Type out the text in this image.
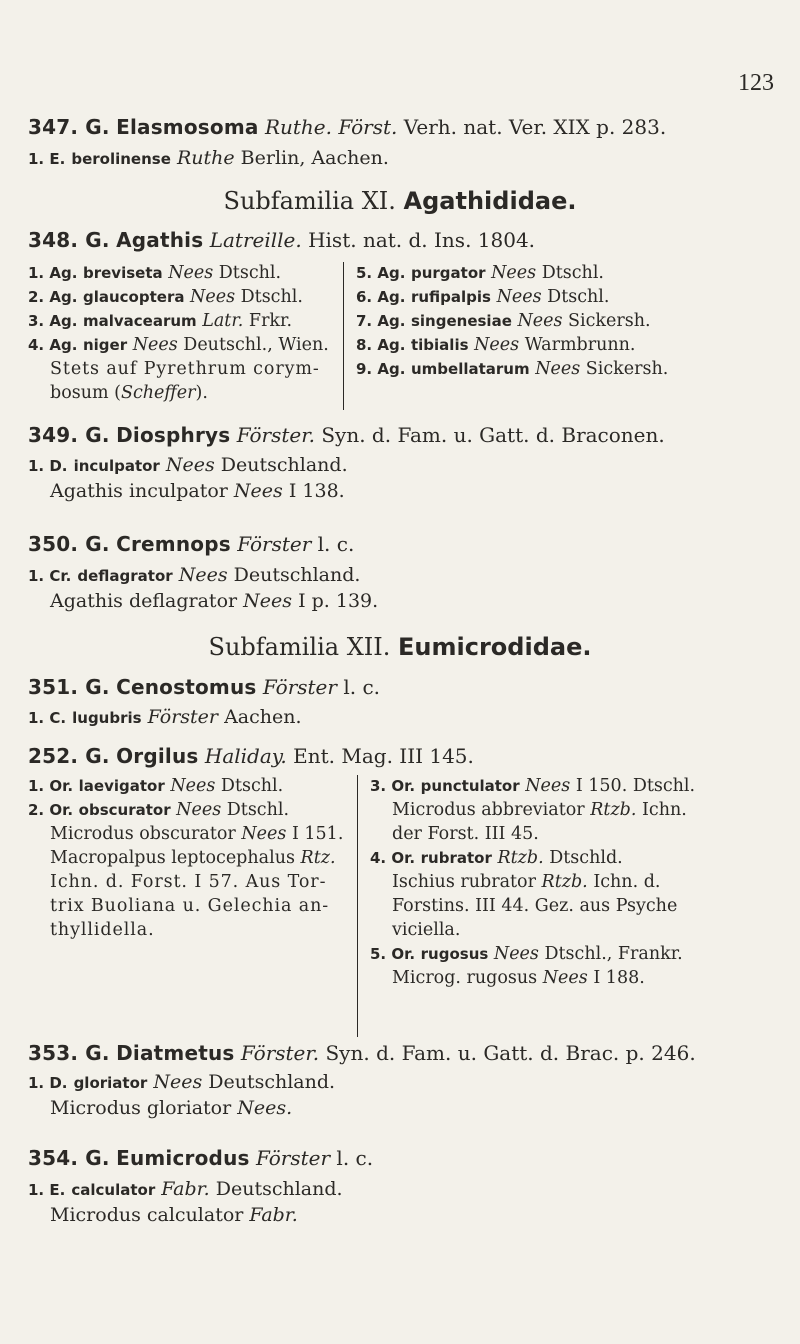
123
347. G. Elasmosoma Ruthe. Först. Verh. nat. Ver. XIX p. 283.
1. E. berolinense Ruthe Berlin, Aachen.
Subfamilia XI. Agathididae.
348. G. Agathis Latreille. Hist. nat. d. Ins. 1804.
1. Ag. breviseta Nees Dtschl.
2. Ag. glaucoptera Nees Dtschl.
3. Ag. malvacearum Latr. Frkr.
4. Ag. niger Nees Deutschl., Wien.
Stets auf Pyrethrum corym-
bosum (Scheffer).
5. Ag. purgator Nees Dtschl.
6. Ag. rufipalpis Nees Dtschl.
7. Ag. singenesiae Nees Sickersh.
8. Ag. tibialis Nees Warmbrunn.
9. Ag. umbellatarum Nees Sickersh.
349. G. Diosphrys Förster. Syn. d. Fam. u. Gatt. d. Braconen.
1. D. inculpator Nees Deutschland.
Agathis inculpator Nees I 138.
350. G. Cremnops Förster l. c.
1. Cr. deflagrator Nees Deutschland.
Agathis deflagrator Nees I p. 139.
Subfamilia XII. Eumicrodidae.
351. G. Cenostomus Förster l. c.
1. C. lugubris Förster Aachen.
252. G. Orgilus Haliday. Ent. Mag. III 145.
1. Or. laevigator Nees Dtschl.
2. Or. obscurator Nees Dtschl.
Microdus obscurator Nees I 151.
Macropalpus leptocephalus Rtz.
Ichn. d. Forst. I 57. Aus Tor-
trix Buoliana u. Gelechia an-
thyllidella.
3. Or. punctulator Nees I 150. Dtschl.
Microdus abbreviator Rtzb. Ichn.
der Forst. III 45.
4. Or. rubrator Rtzb. Dtschld.
Ischius rubrator Rtzb. Ichn. d.
Forstins. III 44. Gez. aus Psyche
viciella.
5. Or. rugosus Nees Dtschl., Frankr.
Microg. rugosus Nees I 188.
353. G. Diatmetus Förster. Syn. d. Fam. u. Gatt. d. Brac. p. 246.
1. D. gloriator Nees Deutschland.
Microdus gloriator Nees.
354. G. Eumicrodus Förster l. c.
1. E. calculator Fabr. Deutschland.
Microdus calculator Fabr.
